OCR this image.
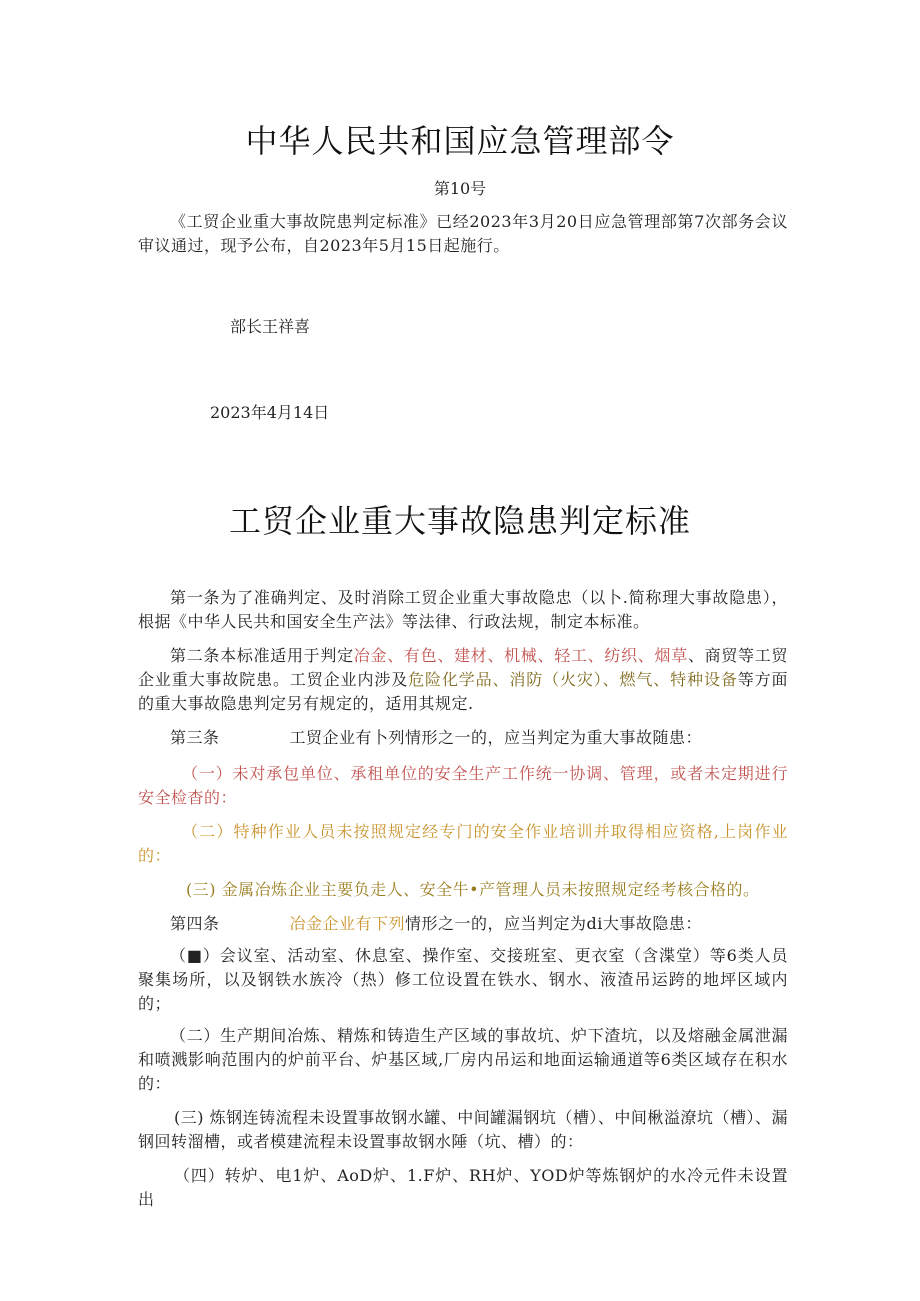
中华人民共和国应急管理部令
第10号

《工贸企业重大事故院患判定标准》已经2023年3月20日应急管理部第7次部务会议审议通过，现予公布，自2023年5月15日起施行。

部长王祥喜
2023年4月14日
工贸企业重大事故隐患判定标准

第一条为了准确判定、及时消除工贸企业重大事故隐忠（以卜.简称理大事故隐患），根据《中华人民共和国安全生产法》等法律、行政法规，制定本标准。

第二条本标准适用于判定冶金、有色、建材、机械、轻工、纺织、烟草、商贸等工贸企业重大事故院患。工贸企业内涉及危险化学品、消防（火灾）、燃气、特种设备等方面的重大事故隐患判定另有规定的，适用其规定.

第三条	工贸企业有卜列情形之一的，应当判定为重大事故随患：

（一）未对承包单位、承租单位的安全生产工作统一协调、管理，或者未定期进行安全检杳的：

（二）特种作业人员未按照规定经专门的安全作业培训并取得相应资格,上岗作业的：

(三) 金属冶炼企业主要负走人、安全牛•产管理人员未按照规定经考核合格的。

第四条	冶金企业有下列情形之一的，应当判定为di大事故隐患：

（■）会议室、活动室、休息室、操作室、交接班室、更衣室（含渫堂）等6类人员聚集场所，以及钢铁水族冷（热）修工位设置在铁水、钢水、液渣吊运跨的地坪区域内的；

（二）生产期间冶炼、精炼和铸造生产区域的事故坑、炉下渣坑，以及熔融金属泄漏和喷溅影响范围内的炉前平台、炉基区域,厂房内吊运和地面运输通道等6类区域存在积水的：

(三) 炼钢连铸流程未设置事故钢水罐、中间罐漏钢坑（槽）、中间楸溢潦坑（槽）、漏钢回转溜槽，或者模建流程未设置事故钢水陲（坑、槽）的：

（四）转炉、电1炉、AoD炉、1.F炉、RH炉、YOD炉等炼钢炉的水冷元件未设置出
